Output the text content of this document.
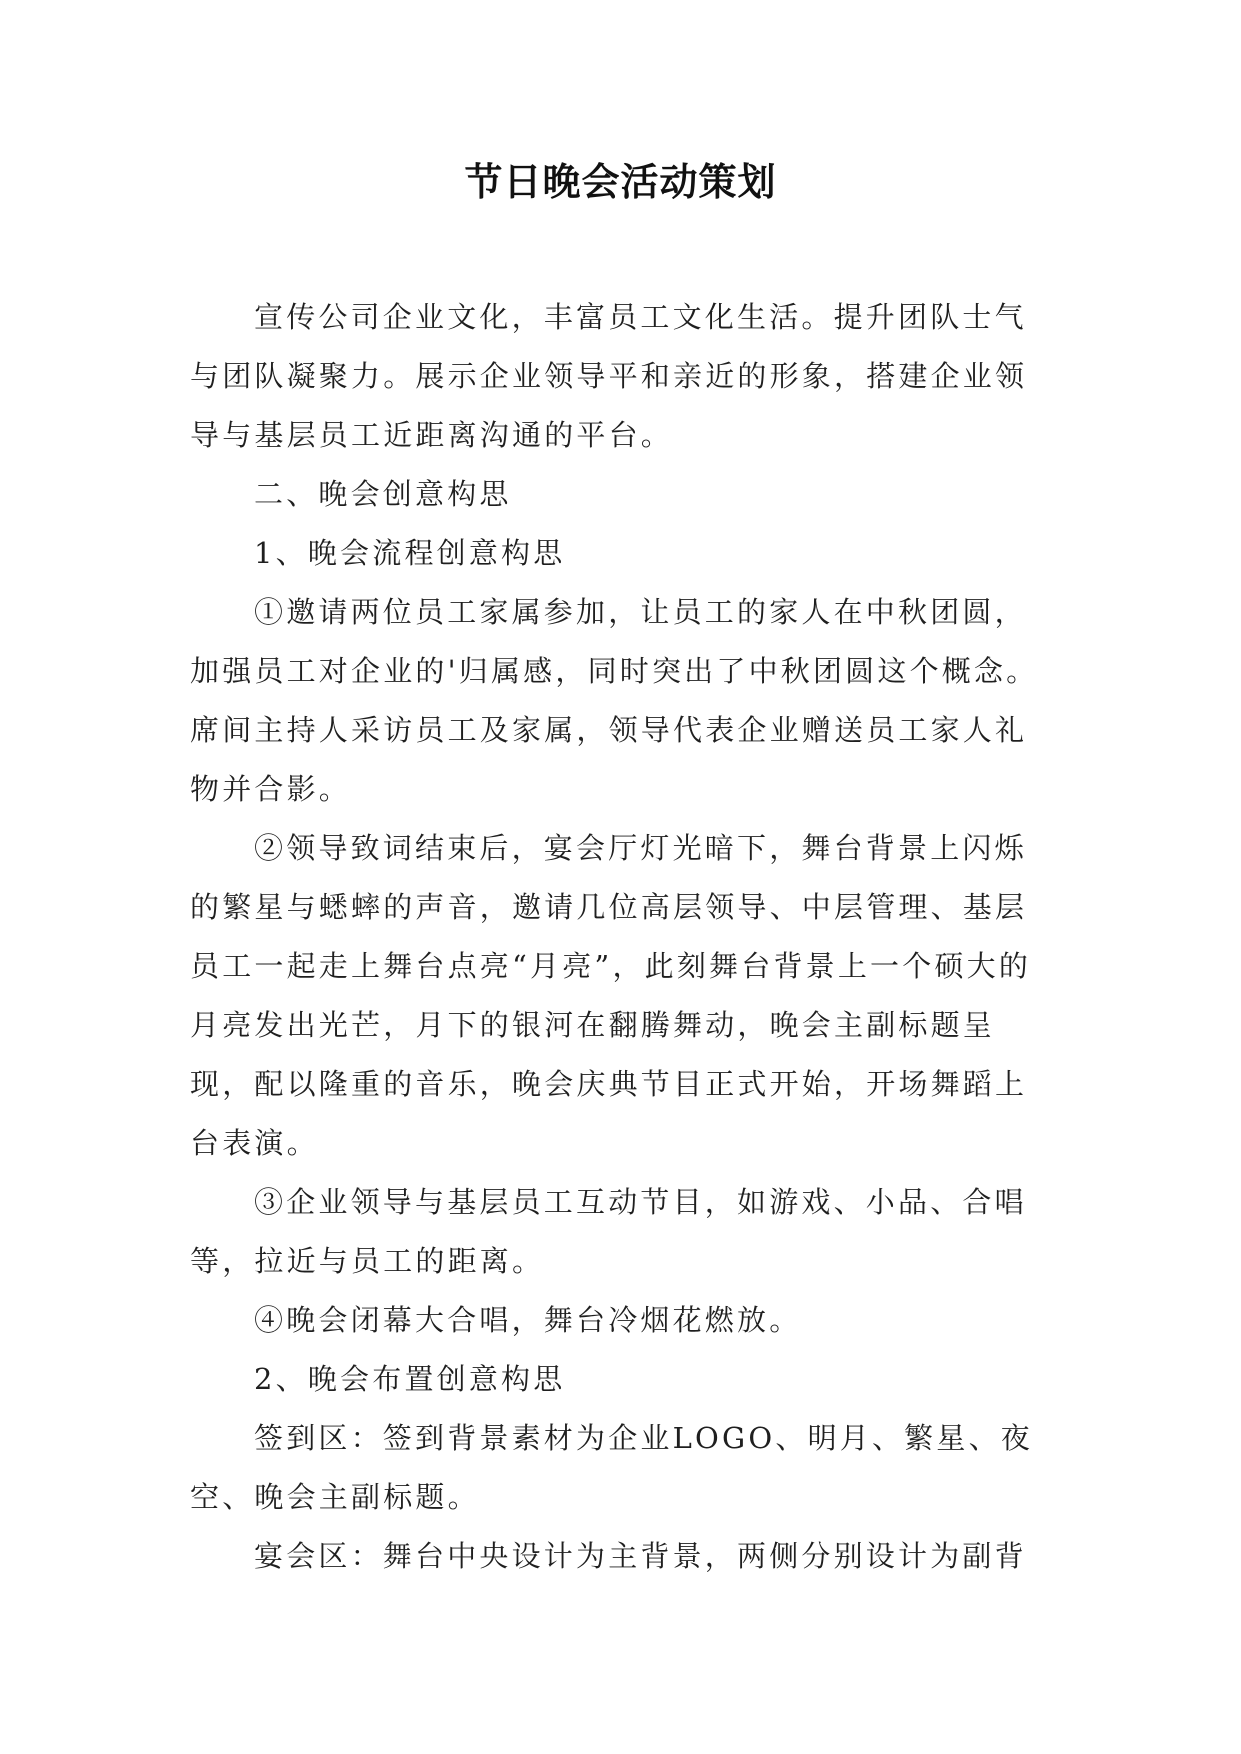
节日晚会活动策划

宣传公司企业文化，丰富员工文化生活。提升团队士气与团队凝聚力。展示企业领导平和亲近的形象，搭建企业领导与基层员工近距离沟通的平台。

二、晚会创意构思

1、晚会流程创意构思

①邀请两位员工家属参加，让员工的家人在中秋团圆，加强员工对企业的'归属感，同时突出了中秋团圆这个概念。席间主持人采访员工及家属，领导代表企业赠送员工家人礼物并合影。

②领导致词结束后，宴会厅灯光暗下，舞台背景上闪烁的繁星与蟋蟀的声音，邀请几位高层领导、中层管理、基层员工一起走上舞台点亮“月亮”，此刻舞台背景上一个硕大的月亮发出光芒，月下的银河在翻腾舞动，晚会主副标题呈现，配以隆重的音乐，晚会庆典节目正式开始，开场舞蹈上台表演。

③企业领导与基层员工互动节目，如游戏、小品、合唱等，拉近与员工的距离。

④晚会闭幕大合唱，舞台冷烟花燃放。

2、晚会布置创意构思

签到区：签到背景素材为企业LOGO、明月、繁星、夜空、晚会主副标题。

宴会区：舞台中央设计为主背景，两侧分别设计为副背
